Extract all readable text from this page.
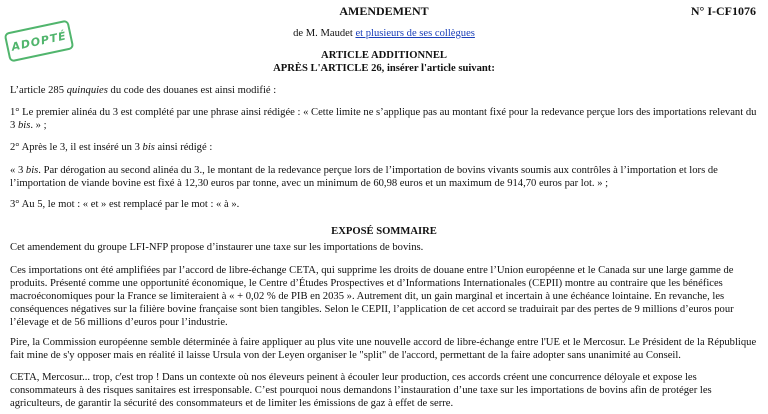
ADOPTÉ
AMENDEMENT	N° I-CF1076
de M. Maudet et plusieurs de ses collègues
ARTICLE ADDITIONNEL
APRÈS L'ARTICLE 26, insérer l'article suivant:

L’article 285 quinquies du code des douanes est ainsi modifié :

1° Le premier alinéa du 3 est complété par une phrase ainsi rédigée : « Cette limite ne s’applique pas au montant fixé pour la redevance perçue lors des importations relevant du 3 bis. » ;

2° Après le 3, il est inséré un 3 bis ainsi rédigé :

« 3 bis. Par dérogation au second alinéa du 3., le montant de la redevance perçue lors de l’importation de bovins vivants soumis aux contrôles à l’importation et lors de l’importation de viande bovine est fixé à 12,30 euros par tonne, avec un minimum de 60,98 euros et un maximum de 914,70 euros par lot. » ;

3° Au 5, le mot : « et » est remplacé par le mot : « à ».

EXPOSÉ SOMMAIRE

Cet amendement du groupe LFI-NFP propose d’instaurer une taxe sur les importations de bovins.

Ces importations ont été amplifiées par l’accord de libre-échange CETA, qui supprime les droits de douane entre l’Union européenne et le Canada sur une large gamme de produits. Présenté comme une opportunité économique, le Centre d’Études Prospectives et d’Informations Internationales (CEPII) montre au contraire que les bénéfices macroéconomiques pour la France se limiteraient à « + 0,02 % de PIB en 2035 ». Autrement dit, un gain marginal et incertain à une échéance lointaine. En revanche, les conséquences négatives sur la filière bovine française sont bien tangibles. Selon le CEPII, l’application de cet accord se traduirait par des pertes de 9 millions d’euros pour l’élevage et de 56 millions d’euros pour l’industrie.

Pire, la Commission européenne semble déterminée à faire appliquer au plus vite une nouvelle accord de libre-échange entre l'UE et le Mercosur. Le Président de la République fait mine de s'y opposer mais en réalité il laisse Ursula von der Leyen organiser le "split" de l'accord, permettant de la faire adopter sans unanimité au Conseil.

CETA, Mercosur... trop, c'est trop ! Dans un contexte où nos éleveurs peinent à écouler leur production, ces accords créent une concurrence déloyale et expose les consommateurs à des risques sanitaires est irresponsable. C’est pourquoi nous demandons l’instauration d’une taxe sur les importations de bovins afin de protéger les agriculteurs, de garantir la sécurité des consommateurs et de limiter les émissions de gaz à effet de serre.
